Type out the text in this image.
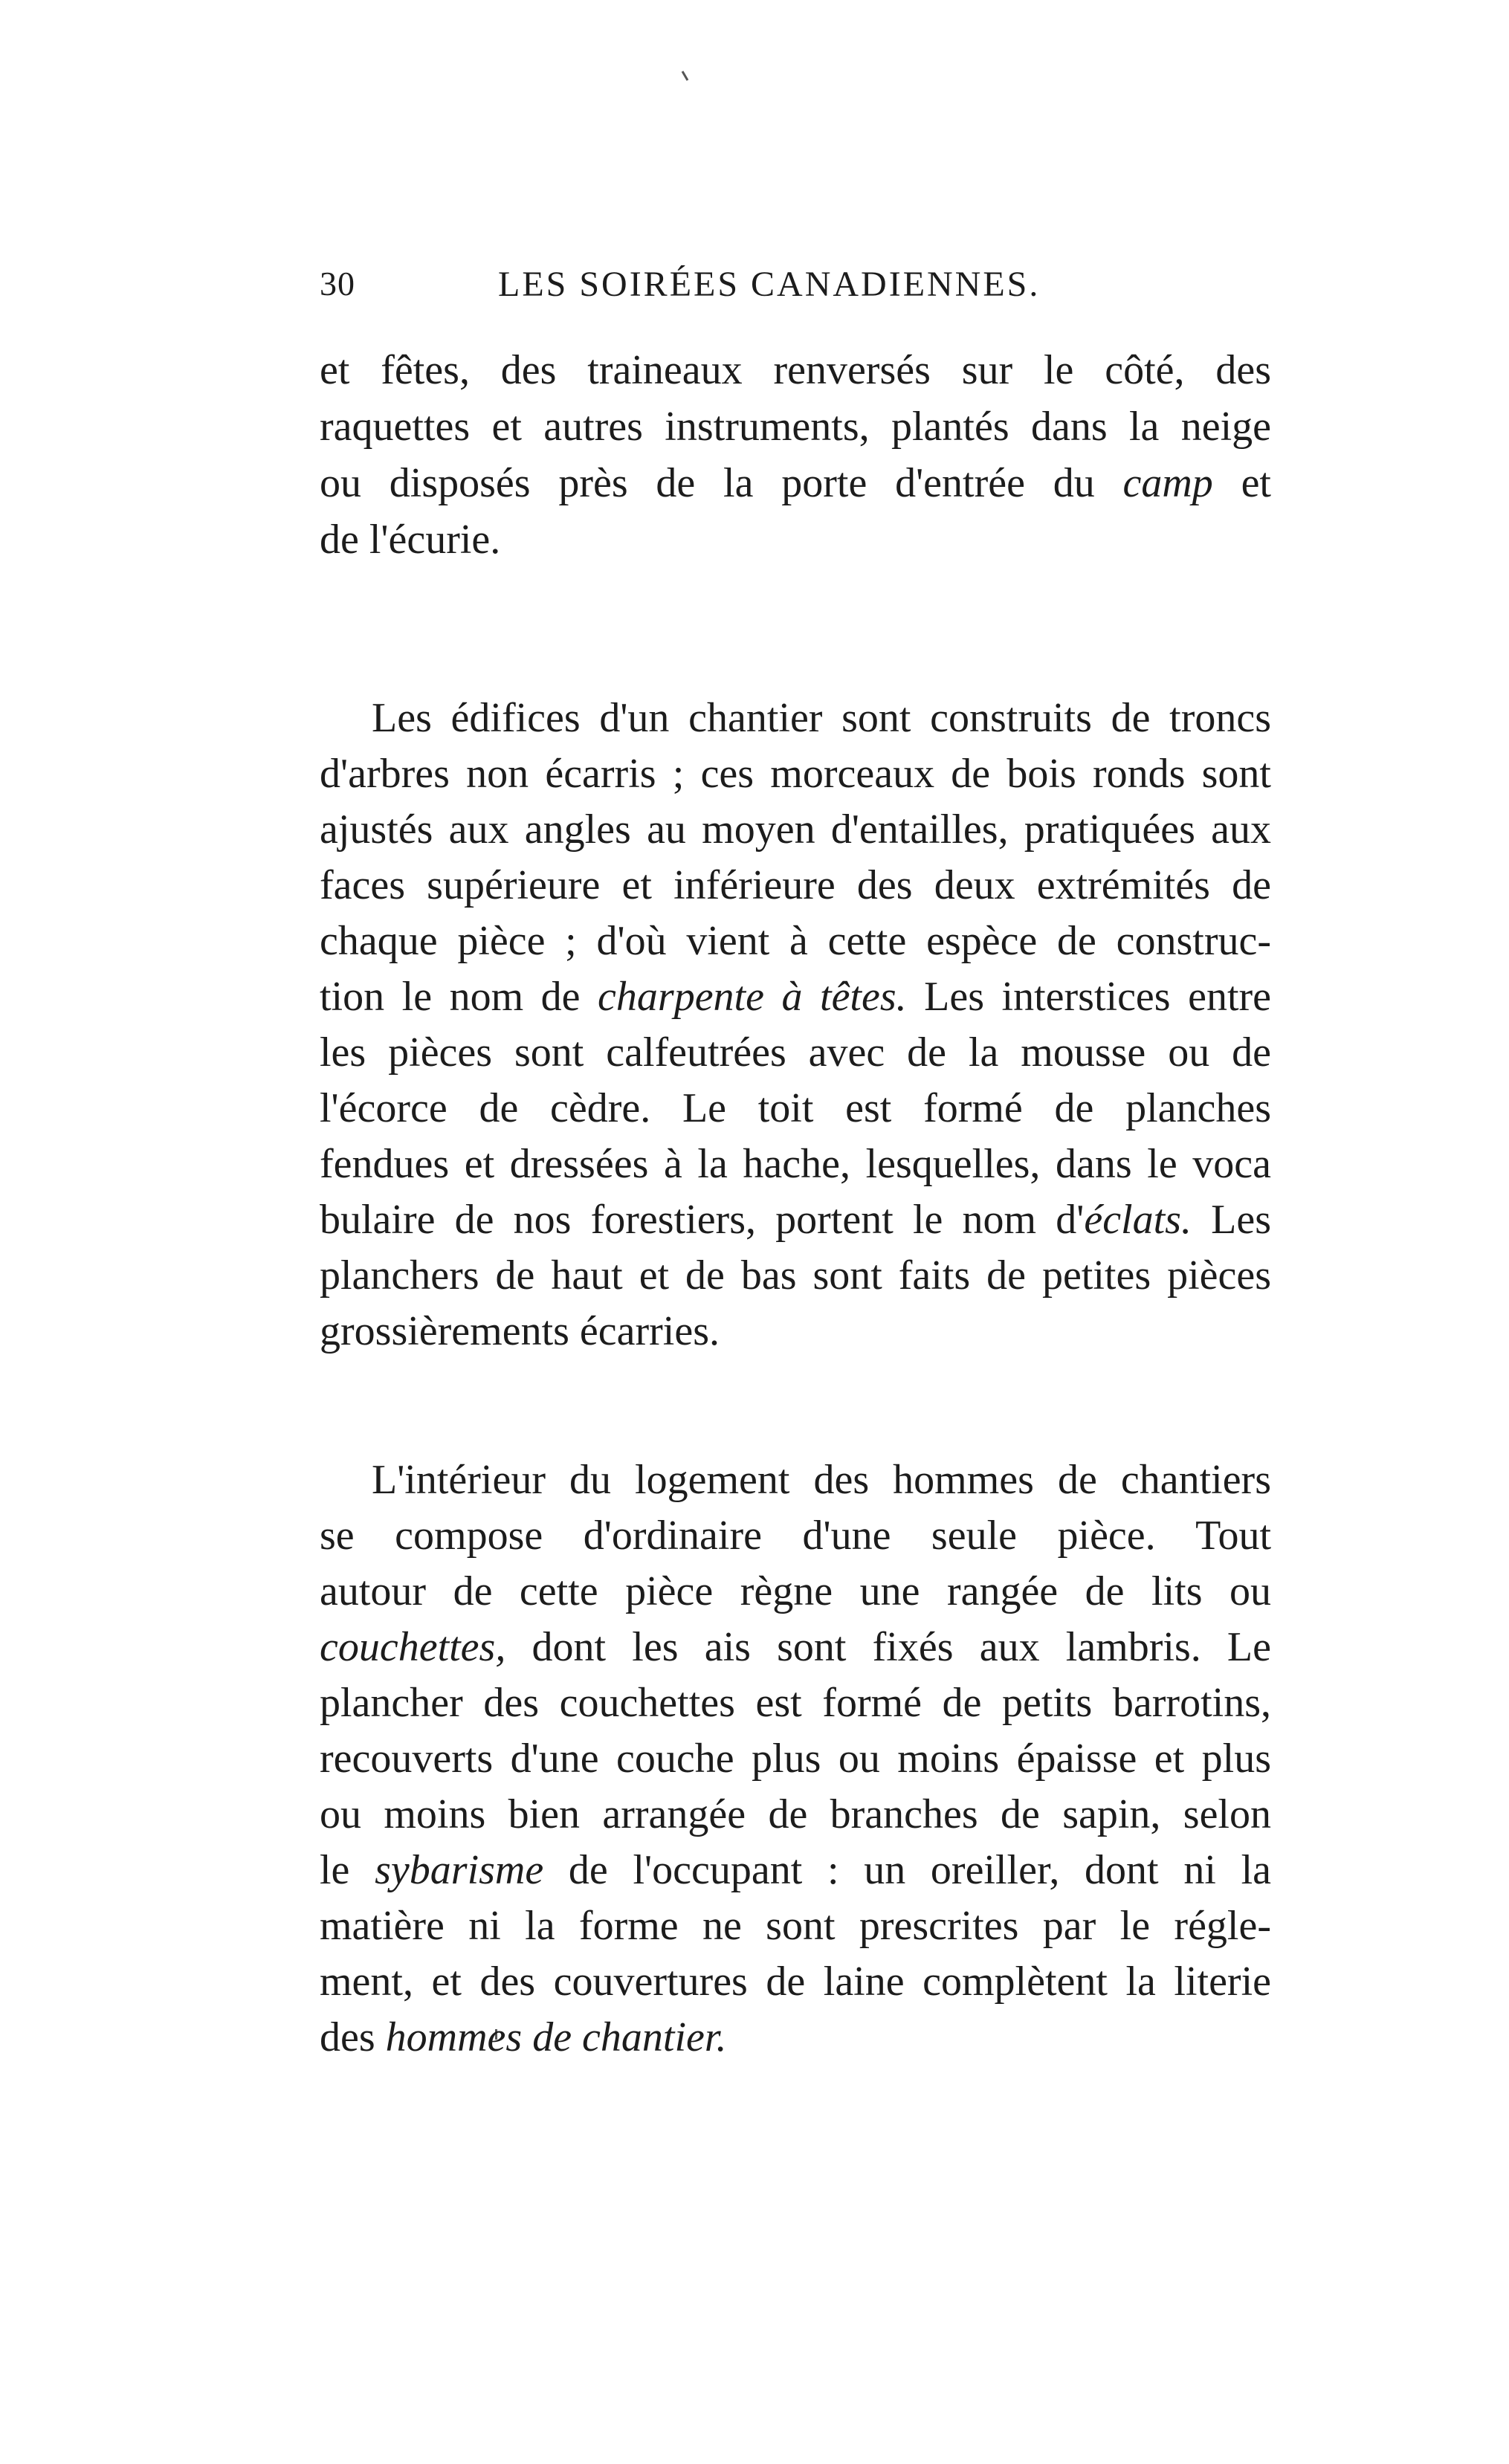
30	LES SOIRÉES CANADIENNES.
et fêtes, des traineaux renversés sur le côté, des
raquettes et autres instruments, plantés dans la neige
ou disposés près de la porte d'entrée du camp et
de l'écurie.
Les édifices d'un chantier sont construits de troncs
d'arbres non écarris ; ces morceaux de bois ronds sont
ajustés aux angles au moyen d'entailles, pratiquées aux
faces supérieure et inférieure des deux extrémités de
chaque pièce ; d'où vient à cette espèce de construc-
tion le nom de charpente à têtes. Les interstices entre
les pièces sont calfeutrées avec de la mousse ou de
l'écorce de cèdre. Le toit est formé de planches
fendues et dressées à la hache, lesquelles, dans le voca
bulaire de nos forestiers, portent le nom d'éclats. Les
planchers de haut et de bas sont faits de petites pièces
grossièrements écarries.
L'intérieur du logement des hommes de chantiers
se compose d'ordinaire d'une seule pièce. Tout
autour de cette pièce règne une rangée de lits ou
couchettes, dont les ais sont fixés aux lambris. Le
plancher des couchettes est formé de petits barrotins,
recouverts d'une couche plus ou moins épaisse et plus
ou moins bien arrangée de branches de sapin, selon
le sybarisme de l'occupant : un oreiller, dont ni la
matière ni la forme ne sont prescrites par le régle-
ment, et des couvertures de laine complètent la literie
des hommes de chantier.
